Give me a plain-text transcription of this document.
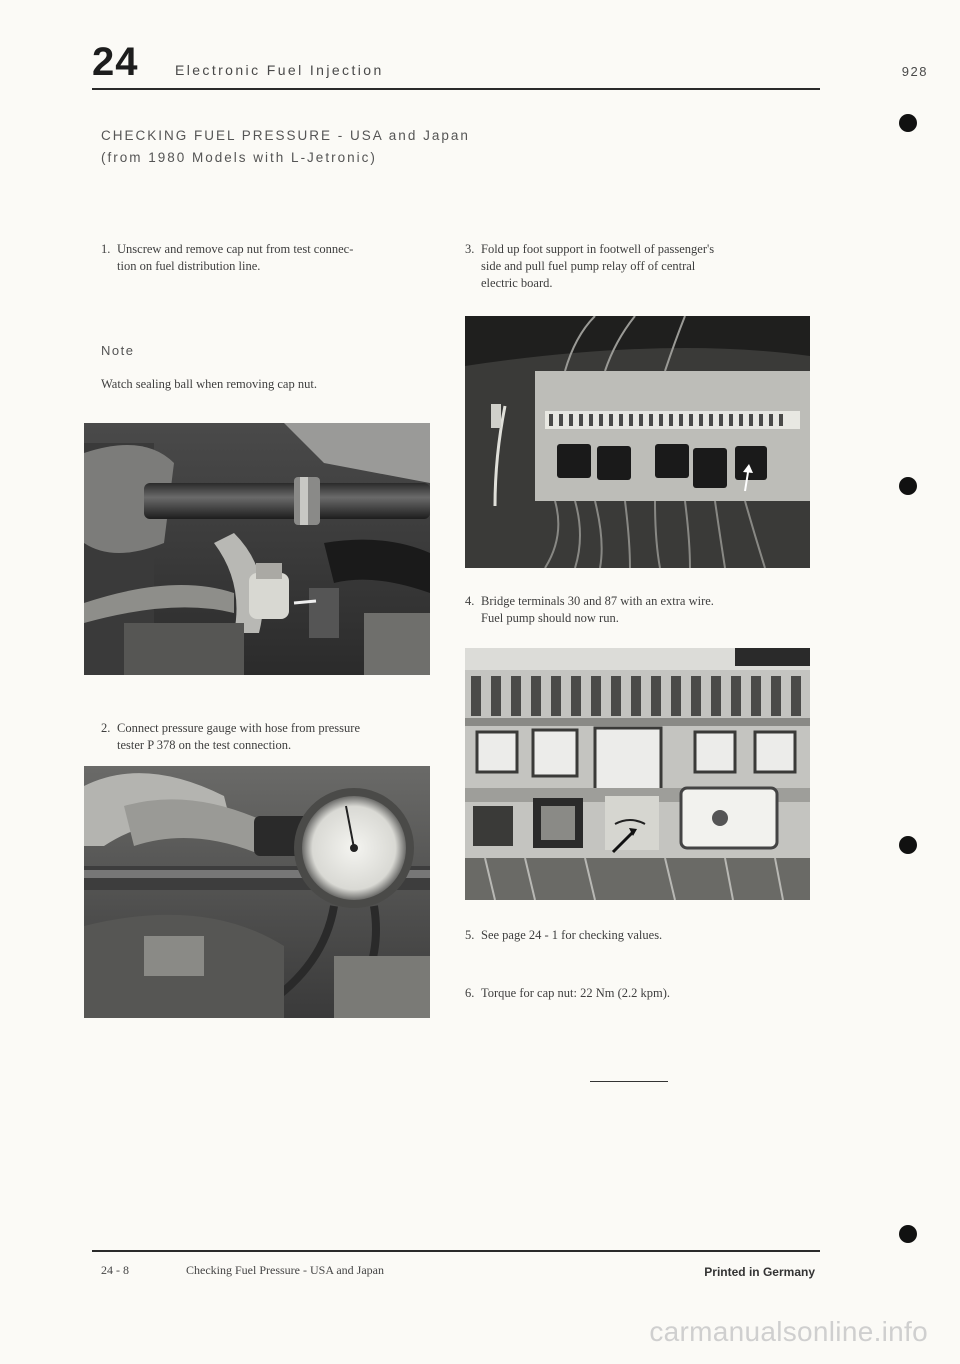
24	Electronic Fuel Injection	928
CHECKING FUEL PRESSURE - USA and Japan
(from 1980 Models with L-Jetronic)
1. Unscrew and remove cap nut from test connec-
tion on fuel distribution line.
Note
Watch sealing ball when removing cap nut.
2. Connect pressure gauge with hose from pressure
tester P 378 on the test connection.
3. Fold up foot support in footwell of passenger's
side and pull fuel pump relay off of central
electric board.
4. Bridge terminals 30 and 87 with an extra wire.
Fuel pump should now run.
5. See page 24 - 1 for checking values.
6. Torque for cap nut: 22 Nm (2.2 kpm).
24 - 8	Checking Fuel Pressure - USA and Japan	Printed in Germany
carmanualsonline.info
